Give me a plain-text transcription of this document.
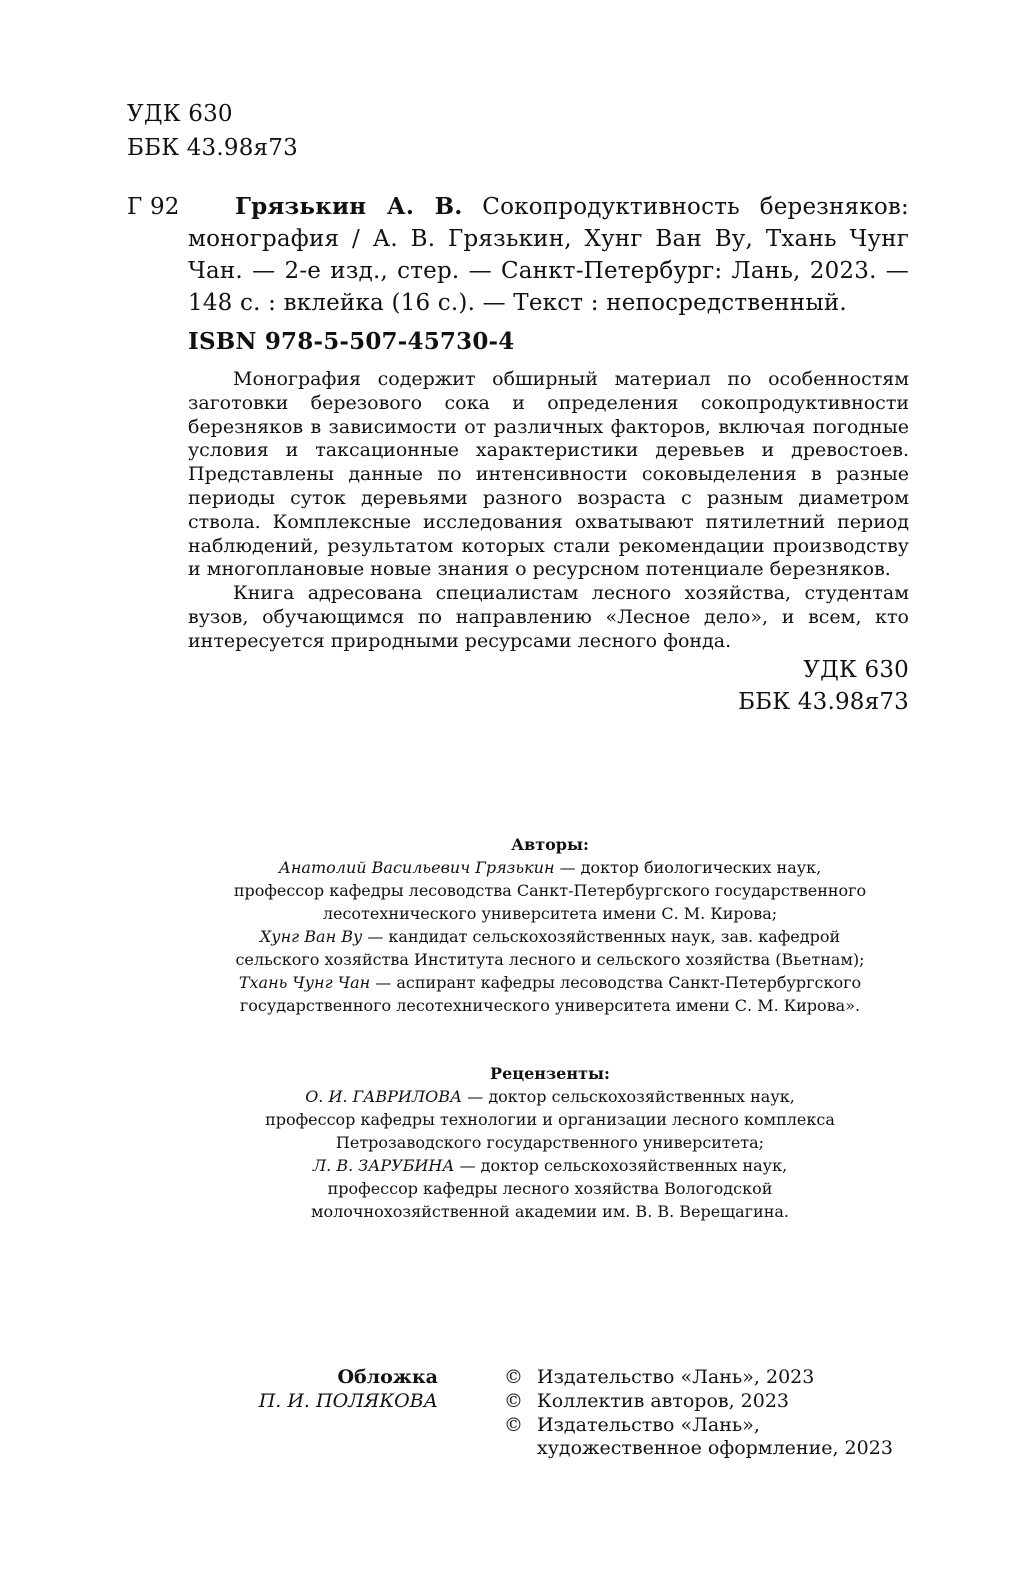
УДК 630
ББК 43.98я73
Г 92	Грязькин А. В. Сокопродуктивность березняков: монография / А. В. Грязькин, Хунг Ван Ву, Тхань Чунг Чан. — 2-е изд., стер. — Санкт-Петербург: Лань, 2023. — 148 с. : вклейка (16 с.). — Текст : непосредственный.
ISBN 978-5-507-45730-4

Монография содержит обширный материал по особенностям заготовки березового сока и определения сокопродуктивности березняков в зависимости от различных факторов, включая погодные условия и таксационные характеристики деревьев и древостоев. Представлены данные по интенсивности соковыделения в разные периоды суток деревьями разного возраста с разным диаметром ствола. Комплексные исследования охватывают пятилетний период наблюдений, результатом которых стали рекомендации производству и многоплановые новые знания о ресурсном потенциале березняков.

Книга адресована специалистам лесного хозяйства, студентам вузов, обучающимся по направлению «Лесное дело», и всем, кто интересуется природными ресурсами лесного фонда.

УДК 630
ББК 43.98я73
Авторы:
Анатолий Васильевич Грязькин — доктор биологических наук,
профессор кафедры лесоводства Санкт-Петербургского государственного
лесотехнического университета имени С. М. Кирова;
Хунг Ван Ву — кандидат сельскохозяйственных наук, зав. кафедрой
сельского хозяйства Института лесного и сельского хозяйства (Вьетнам);
Тхань Чунг Чан — аспирант кафедры лесоводства Санкт-Петербургского
государственного лесотехнического университета имени С. М. Кирова».
Рецензенты:
О. И. ГАВРИЛОВА — доктор сельскохозяйственных наук,
профессор кафедры технологии и организации лесного комплекса
Петрозаводского государственного университета;
Л. В. ЗАРУБИНА — доктор сельскохозяйственных наук,
профессор кафедры лесного хозяйства Вологодской
молочнохозяйственной академии им. В. В. Верещагина.
Обложка
П. И. ПОЛЯКОВА
© Издательство «Лань», 2023
© Коллектив авторов, 2023
© Издательство «Лань»,
художественное оформление, 2023
